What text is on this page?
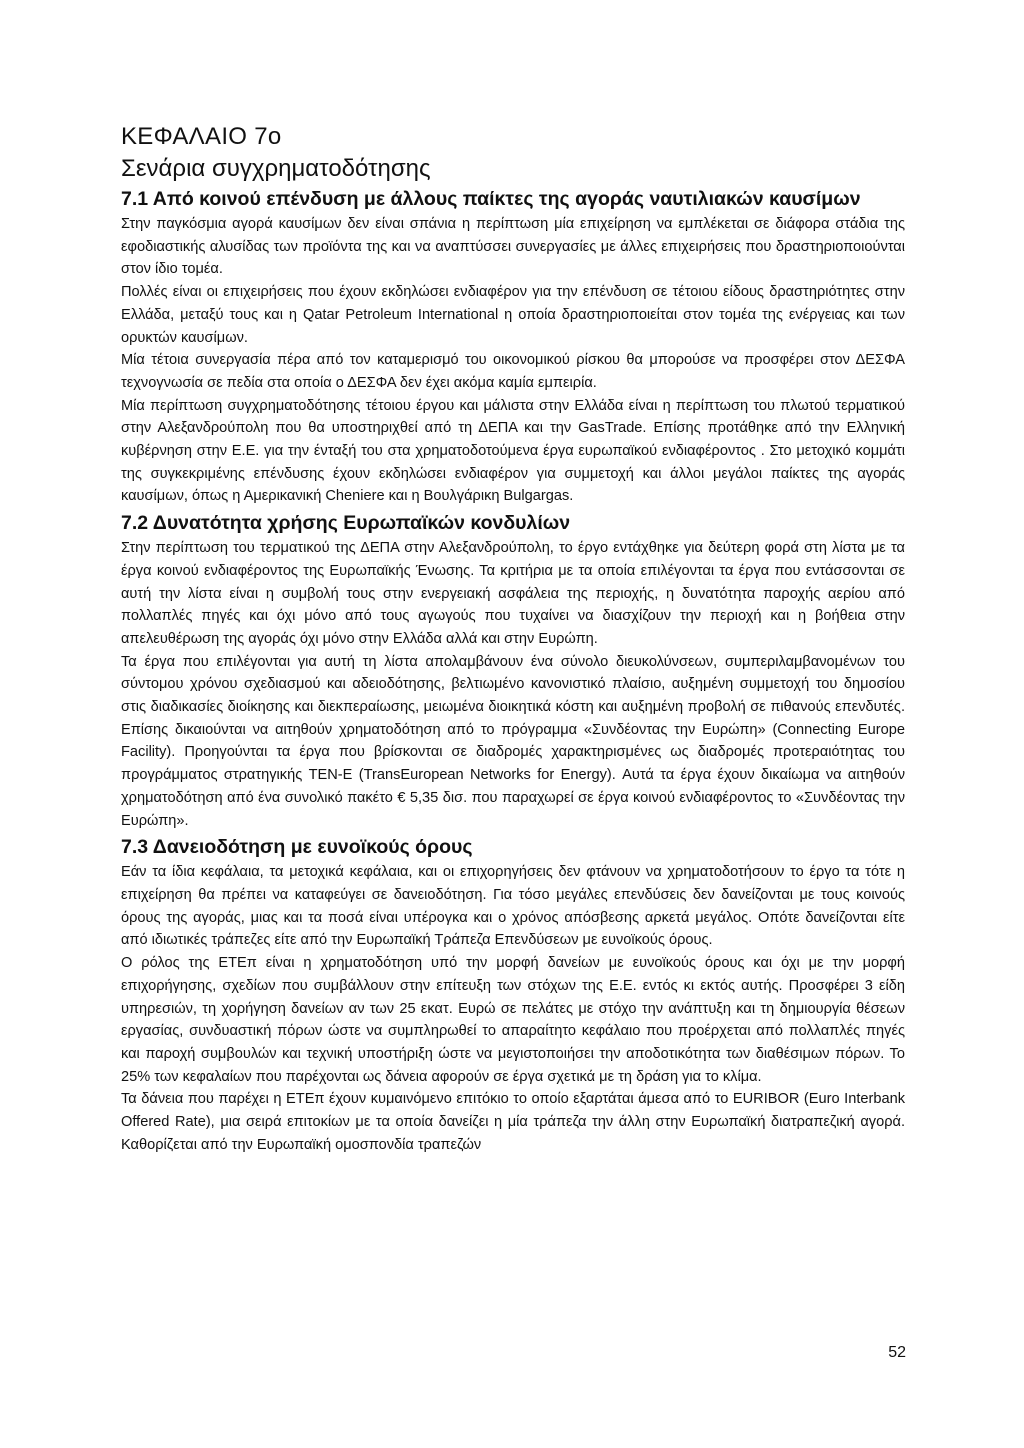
ΚΕΦΑΛΑΙΟ 7ο
Σενάρια συγχρηματοδότησης
7.1 Από κοινού επένδυση με άλλους παίκτες της αγοράς ναυτιλιακών καυσίμων

Στην παγκόσμια αγορά καυσίμων δεν είναι σπάνια η περίπτωση μία επιχείρηση να εμπλέκεται σε διάφορα στάδια της εφοδιαστικής αλυσίδας των προϊόντα της και να αναπτύσσει συνεργασίες με άλλες επιχειρήσεις που δραστηριοποιούνται στον ίδιο τομέα.

Πολλές είναι οι επιχειρήσεις που έχουν εκδηλώσει ενδιαφέρον για την επένδυση σε τέτοιου είδους δραστηριότητες στην Ελλάδα, μεταξύ τους και η Qatar Petroleum International η οποία δραστηριοποιείται στον τομέα της ενέργειας και των ορυκτών καυσίμων.

Μία τέτοια συνεργασία πέρα από τον καταμερισμό του οικονομικού ρίσκου θα μπορούσε να προσφέρει στον ΔΕΣΦΑ τεχνογνωσία σε πεδία στα οποία ο ΔΕΣΦΑ δεν έχει ακόμα καμία εμπειρία.

Μία περίπτωση συγχρηματοδότησης τέτοιου έργου και μάλιστα στην Ελλάδα είναι η περίπτωση του πλωτού τερματικού στην Αλεξανδρούπολη που θα υποστηριχθεί από τη ΔΕΠΑ και την GasTrade. Επίσης προτάθηκε από την Ελληνική κυβέρνηση στην Ε.Ε. για την ένταξή του στα χρηματοδοτούμενα έργα ευρωπαϊκού ενδιαφέροντος . Στο μετοχικό κομμάτι της συγκεκριμένης επένδυσης έχουν εκδηλώσει ενδιαφέρον για συμμετοχή και άλλοι μεγάλοι παίκτες της αγοράς καυσίμων, όπως η Αμερικανική Cheniere και η Βουλγάρικη Bulgargas.

7.2 Δυνατότητα χρήσης Ευρωπαϊκών κονδυλίων

Στην περίπτωση του τερματικού της ΔΕΠΑ στην Αλεξανδρούπολη, το έργο εντάχθηκε για δεύτερη φορά στη λίστα με τα έργα κοινού ενδιαφέροντος της Ευρωπαϊκής Ένωσης. Τα κριτήρια με τα οποία επιλέγονται τα έργα που εντάσσονται σε αυτή την λίστα είναι η συμβολή τους στην ενεργειακή ασφάλεια της περιοχής, η δυνατότητα παροχής αερίου από πολλαπλές πηγές και όχι μόνο από τους αγωγούς που τυχαίνει να διασχίζουν την περιοχή και η βοήθεια στην απελευθέρωση της αγοράς όχι μόνο στην Ελλάδα αλλά και στην Ευρώπη.

Τα έργα που επιλέγονται για αυτή τη λίστα απολαμβάνουν ένα σύνολο διευκολύνσεων, συμπεριλαμβανομένων του σύντομου χρόνου σχεδιασμού και αδειοδότησης, βελτιωμένο κανονιστικό πλαίσιο, αυξημένη συμμετοχή του δημοσίου στις διαδικασίες διοίκησης και διεκπεραίωσης, μειωμένα διοικητικά κόστη και αυξημένη προβολή σε πιθανούς επενδυτές. Επίσης δικαιούνται να αιτηθούν χρηματοδότηση από το πρόγραμμα «Συνδέοντας την Ευρώπη» (Connecting Europe Facility). Προηγούνται τα έργα που βρίσκονται σε διαδρομές χαρακτηρισμένες ως διαδρομές προτεραιότητας του προγράμματος στρατηγικής TEN-E (TransEuropean Networks for Energy). Αυτά τα έργα έχουν δικαίωμα να αιτηθούν χρηματοδότηση από ένα συνολικό πακέτο € 5,35 δισ. που παραχωρεί σε έργα κοινού ενδιαφέροντος το «Συνδέοντας την Ευρώπη».

7.3 Δανειοδότηση με ευνοϊκούς όρους

Εάν τα ίδια κεφάλαια, τα μετοχικά κεφάλαια, και οι επιχορηγήσεις δεν φτάνουν να χρηματοδοτήσουν το έργο τα τότε η επιχείρηση θα πρέπει να καταφεύγει σε δανειοδότηση. Για τόσο μεγάλες επενδύσεις δεν δανείζονται με τους κοινούς όρους της αγοράς, μιας και τα ποσά είναι υπέρογκα και ο χρόνος απόσβεσης αρκετά μεγάλος. Οπότε δανείζονται είτε από ιδιωτικές τράπεζες είτε από την Ευρωπαϊκή Τράπεζα Επενδύσεων με ευνοϊκούς όρους.

Ο ρόλος της ΕΤΕπ είναι η χρηματοδότηση υπό την μορφή δανείων με ευνοϊκούς όρους και όχι με την μορφή επιχορήγησης, σχεδίων που συμβάλλουν στην επίτευξη των στόχων της Ε.Ε. εντός κι εκτός αυτής. Προσφέρει 3 είδη υπηρεσιών, τη χορήγηση δανείων αν των 25 εκατ. Ευρώ σε πελάτες με στόχο την ανάπτυξη και τη δημιουργία θέσεων εργασίας, συνδυαστική πόρων ώστε να συμπληρωθεί το απαραίτητο κεφάλαιο που προέρχεται από πολλαπλές πηγές και παροχή συμβουλών και τεχνική υποστήριξη ώστε να μεγιστοποιήσει την αποδοτικότητα των διαθέσιμων πόρων. Το 25% των κεφαλαίων που παρέχονται ως δάνεια αφορούν σε έργα σχετικά με τη δράση για το κλίμα.

Τα δάνεια που παρέχει η ΕΤΕπ έχουν κυμαινόμενο επιτόκιο το οποίο εξαρτάται άμεσα από το EURIBOR (Euro Interbank Offered Rate), μια σειρά επιτοκίων με τα οποία δανείζει η μία τράπεζα την άλλη στην Ευρωπαϊκή διατραπεζική αγορά. Καθορίζεται από την Ευρωπαϊκή ομοσπονδία τραπεζών

52
